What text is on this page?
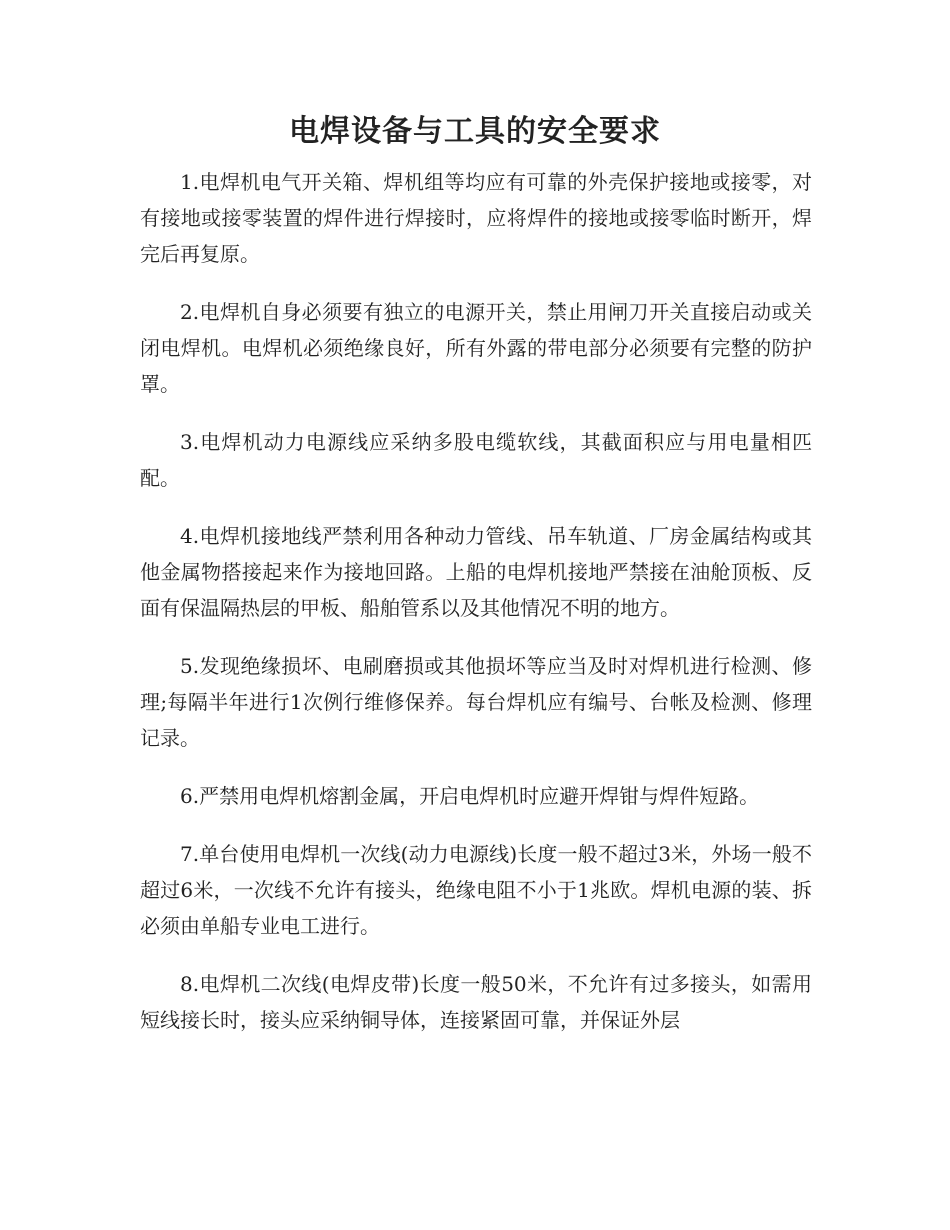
电焊设备与工具的安全要求

1.电焊机电气开关箱、焊机组等均应有可靠的外壳保护接地或接零，对有接地或接零装置的焊件进行焊接时，应将焊件的接地或接零临时断开，焊完后再复原。

2.电焊机自身必须要有独立的电源开关，禁止用闸刀开关直接启动或关闭电焊机。电焊机必须绝缘良好，所有外露的带电部分必须要有完整的防护罩。

3.电焊机动力电源线应采纳多股电缆软线，其截面积应与用电量相匹配。

4.电焊机接地线严禁利用各种动力管线、吊车轨道、厂房金属结构或其他金属物搭接起来作为接地回路。上船的电焊机接地严禁接在油舱顶板、反面有保温隔热层的甲板、船舶管系以及其他情况不明的地方。

5.发现绝缘损坏、电刷磨损或其他损坏等应当及时对焊机进行检测、修理;每隔半年进行1次例行维修保养。每台焊机应有编号、台帐及检测、修理记录。

6.严禁用电焊机熔割金属，开启电焊机时应避开焊钳与焊件短路。

7.单台使用电焊机一次线(动力电源线)长度一般不超过3米，外场一般不超过6米，一次线不允许有接头，绝缘电阻不小于1兆欧。焊机电源的装、拆必须由单船专业电工进行。

8.电焊机二次线(电焊皮带)长度一般50米，不允许有过多接头，如需用短线接长时，接头应采纳铜导体，连接紧固可靠，并保证外层
